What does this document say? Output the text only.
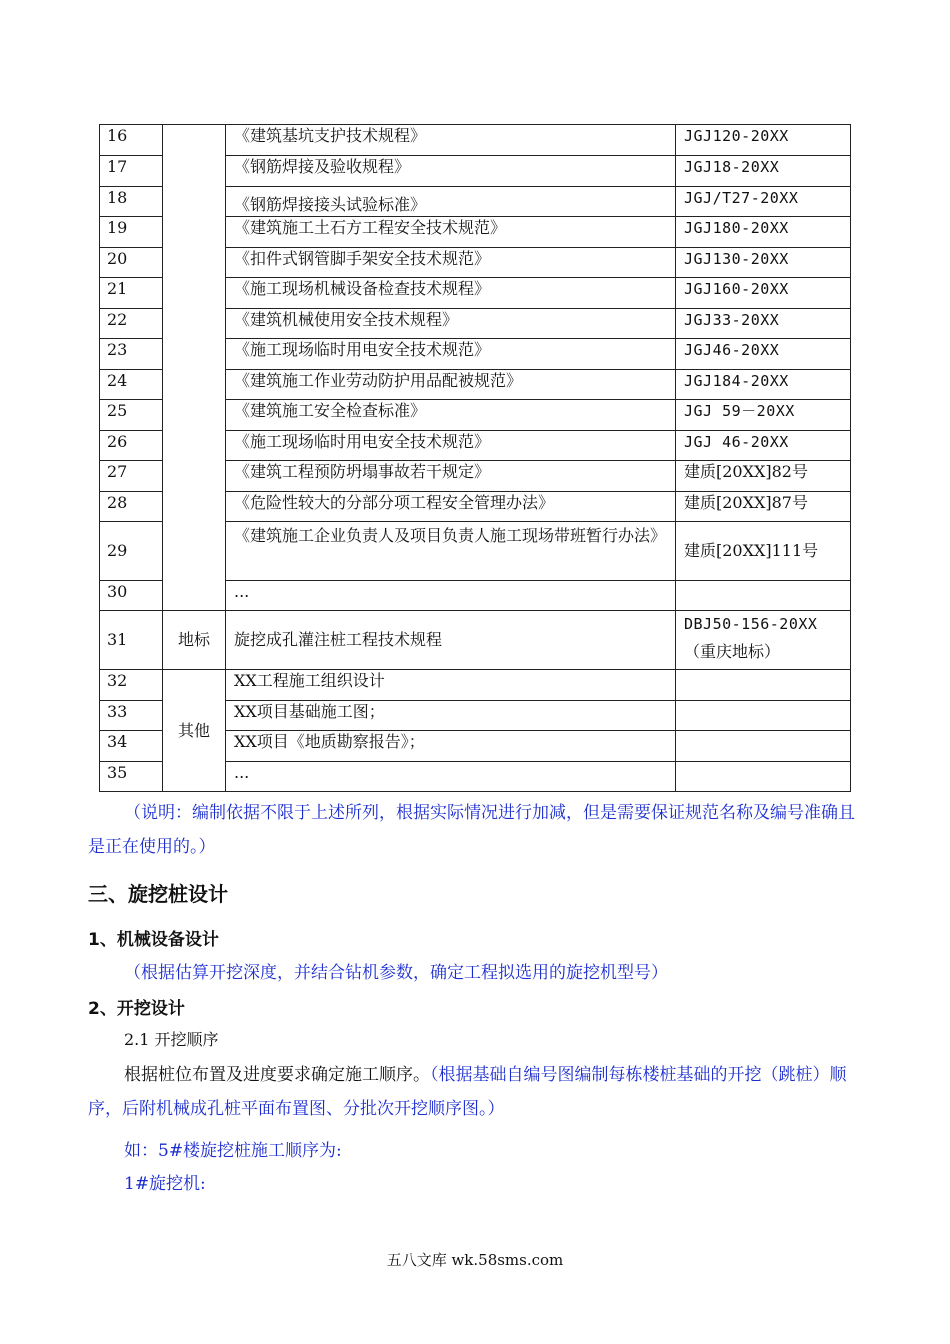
16		《建筑基坑支护技术规程》	JGJ120-20XX
17		《钢筋焊接及验收规程》	JGJ18-20XX
18		《钢筋焊接接头试验标准》	JGJ/T27-20XX
19		《建筑施工土石方工程安全技术规范》	JGJ180-20XX
20		《扣件式钢管脚手架安全技术规范》	JGJ130-20XX
21		《施工现场机械设备检查技术规程》	JGJ160-20XX
22		《建筑机械使用安全技术规程》	JGJ33-20XX
23		《施工现场临时用电安全技术规范》	JGJ46-20XX
24		《建筑施工作业劳动防护用品配被规范》	JGJ184-20XX
25		《建筑施工安全检查标准》	JGJ 59－20XX
26		《施工现场临时用电安全技术规范》	JGJ 46-20XX
27		《建筑工程预防坍塌事故若干规定》	建质[20XX]82号
28		《危险性较大的分部分项工程安全管理办法》	建质[20XX]87号
29		《建筑施工企业负责人及项目负责人施工现场带班暂行办法》	建质[20XX]111号
30		...	
31	地标	旋挖成孔灌注桩工程技术规程	DBJ50-156-20XX
（重庆地标）
32	其他	XX工程施工组织设计	
33		XX项目基础施工图；	
34		XX项目《地质勘察报告》；	
35		...	
（说明：编制依据不限于上述所列，根据实际情况进行加减，但是需要保证规范名称及编号准确且是正在使用的。）
三、旋挖桩设计
1、机械设备设计
（根据估算开挖深度，并结合钻机参数，确定工程拟选用的旋挖机型号）
2、开挖设计
2.1 开挖顺序
根据桩位布置及进度要求确定施工顺序。（根据基础自编号图编制每栋楼桩基础的开挖（跳桩）顺序，后附机械成孔桩平面布置图、分批次开挖顺序图。）
如：5#楼旋挖桩施工顺序为:
1#旋挖机:
五八文库 wk.58sms.com
